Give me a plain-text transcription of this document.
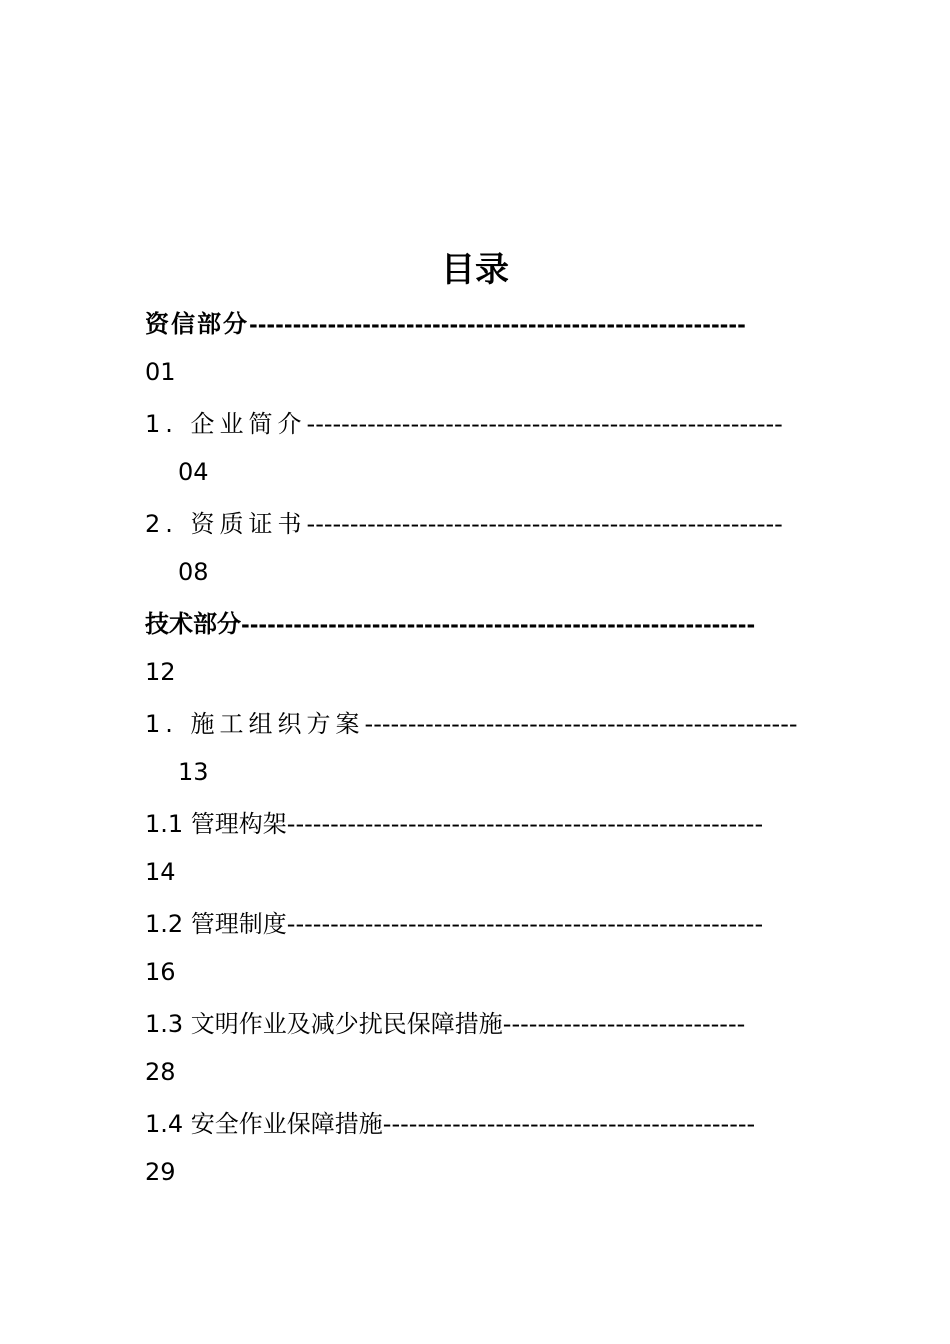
目录
资信部分---------------------------------------------------------
01
1. 企业简介-------------------------------------------------------
04
2. 资质证书-------------------------------------------------------
08
技术部分-----------------------------------------------------------
12
1. 施工组织方案--------------------------------------------------
13
1.1 管理构架-------------------------------------------------------
14
1.2 管理制度-------------------------------------------------------
16
1.3 文明作业及减少扰民保障措施----------------------------
28
1.4 安全作业保障措施-------------------------------------------
29
